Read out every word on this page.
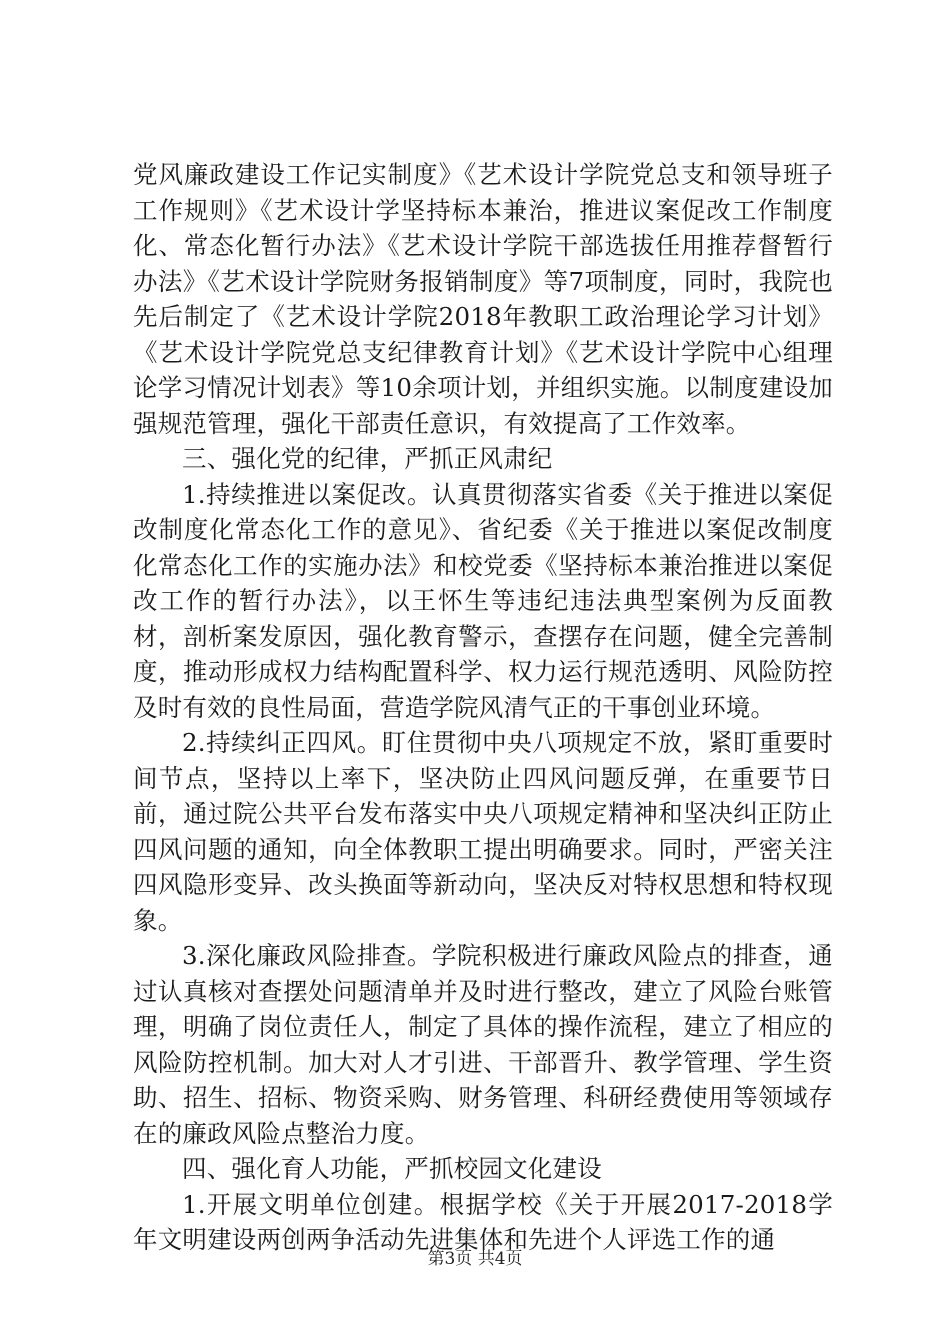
党风廉政建设工作记实制度》《艺术设计学院党总支和领导班子工作规则》《艺术设计学坚持标本兼治，推进议案促改工作制度化、常态化暂行办法》《艺术设计学院干部选拔任用推荐督暂行办法》《艺术设计学院财务报销制度》等7项制度，同时，我院也先后制定了《艺术设计学院2018年教职工政治理论学习计划》《艺术设计学院党总支纪律教育计划》《艺术设计学院中心组理论学习情况计划表》等10余项计划，并组织实施。以制度建设加强规范管理，强化干部责任意识，有效提高了工作效率。

三、强化党的纪律，严抓正风肃纪

1.持续推进以案促改。认真贯彻落实省委《关于推进以案促改制度化常态化工作的意见》、省纪委《关于推进以案促改制度化常态化工作的实施办法》和校党委《坚持标本兼治推进以案促改工作的暂行办法》，以王怀生等违纪违法典型案例为反面教材，剖析案发原因，强化教育警示，查摆存在问题，健全完善制度，推动形成权力结构配置科学、权力运行规范透明、风险防控及时有效的良性局面，营造学院风清气正的干事创业环境。

2.持续纠正四风。盯住贯彻中央八项规定不放，紧盯重要时间节点，坚持以上率下，坚决防止四风问题反弹，在重要节日前，通过院公共平台发布落实中央八项规定精神和坚决纠正防止四风问题的通知，向全体教职工提出明确要求。同时，严密关注四风隐形变异、改头换面等新动向，坚决反对特权思想和特权现象。

3.深化廉政风险排查。学院积极进行廉政风险点的排查，通过认真核对查摆处问题清单并及时进行整改，建立了风险台账管理，明确了岗位责任人，制定了具体的操作流程，建立了相应的风险防控机制。加大对人才引进、干部晋升、教学管理、学生资助、招生、招标、物资采购、财务管理、科研经费使用等领域存在的廉政风险点整治力度。

四、强化育人功能，严抓校园文化建设

1.开展文明单位创建。根据学校《关于开展2017-2018学年文明建设两创两争活动先进集体和先进个人评选工作的通

第3页 共4页
